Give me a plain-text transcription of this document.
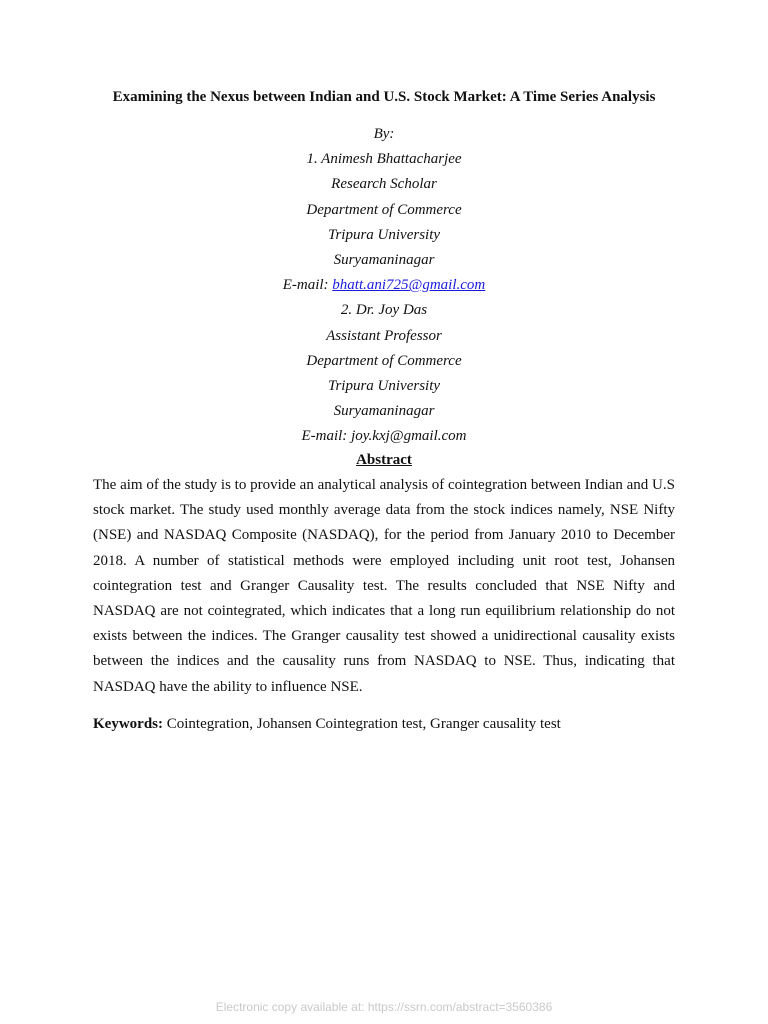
Examining the Nexus between Indian and U.S. Stock Market: A Time Series Analysis
By:
1. Animesh Bhattacharjee
Research Scholar
Department of Commerce
Tripura University
Suryamaninagar
E-mail: bhatt.ani725@gmail.com
2. Dr. Joy Das
Assistant Professor
Department of Commerce
Tripura University
Suryamaninagar
E-mail: joy.kxj@gmail.com
Abstract
The aim of the study is to provide an analytical analysis of cointegration between Indian and U.S stock market. The study used monthly average data from the stock indices namely, NSE Nifty (NSE) and NASDAQ Composite (NASDAQ), for the period from January 2010 to December 2018. A number of statistical methods were employed including unit root test, Johansen cointegration test and Granger Causality test. The results concluded that NSE Nifty and NASDAQ are not cointegrated, which indicates that a long run equilibrium relationship do not exists between the indices. The Granger causality test showed a unidirectional causality exists between the indices and the causality runs from NASDAQ to NSE. Thus, indicating that NASDAQ have the ability to influence NSE.
Keywords: Cointegration, Johansen Cointegration test, Granger causality test
Electronic copy available at: https://ssrn.com/abstract=3560386
